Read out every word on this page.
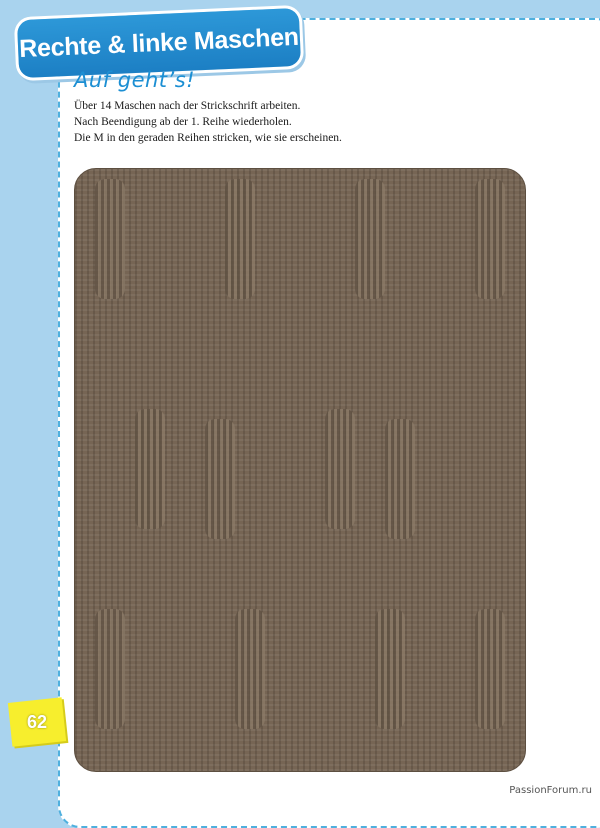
Rechte & linke Maschen
Auf geht’s!
Über 14 Maschen nach der Strickschrift arbeiten.
Nach Beendigung ab der 1. Reihe wiederholen.
Die M in den geraden Reihen stricken, wie sie erscheinen.
62
PassionForum.ru
